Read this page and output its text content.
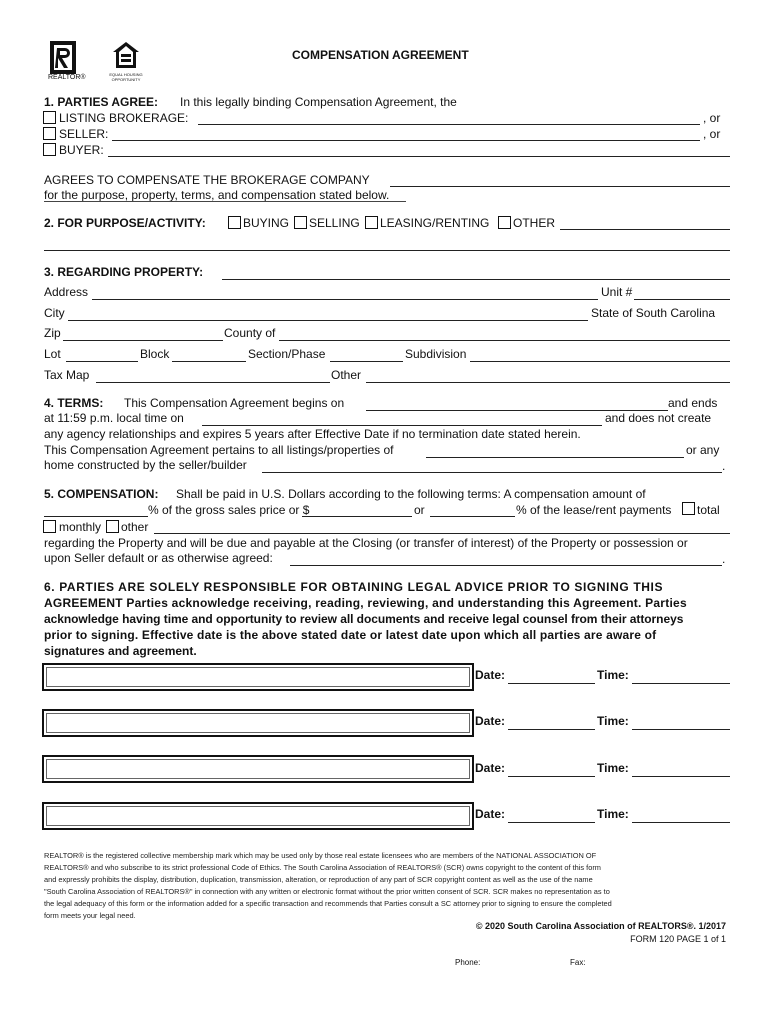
REALTOR®	EQUAL HOUSING OPPORTUNITY
COMPENSATION AGREEMENT
1. PARTIES AGREE: In this legally binding Compensation Agreement, the
LISTING BROKERAGE:	, or
SELLER:	, or
BUYER:
AGREES TO COMPENSATE THE BROKERAGE COMPANY
for the purpose, property, terms, and compensation stated below.
2. FOR PURPOSE/ACTIVITY:	BUYING SELLING LEASING/RENTING OTHER
3. REGARDING PROPERTY:
Address	Unit #
City	State of South Carolina
Zip	County of
Lot	Block	Section/Phase	Subdivision
Tax Map	Other
4. TERMS: This Compensation Agreement begins on	and ends
at 11:59 p.m. local time on	and does not create
any agency relationships and expires 5 years after Effective Date if no termination date stated herein.
This Compensation Agreement pertains to all listings/properties of	or any
home constructed by the seller/builder	.
5. COMPENSATION: Shall be paid in U.S. Dollars according to the following terms: A compensation amount of
% of the gross sales price or $	or	% of the lease/rent payments total
monthly other
regarding the Property and will be due and payable at the Closing (or transfer of interest) of the Property or possession or
upon Seller default or as otherwise agreed:	.
6. PARTIES ARE SOLELY RESPONSIBLE FOR OBTAINING LEGAL ADVICE PRIOR TO SIGNING THIS
AGREEMENT Parties acknowledge receiving, reading, reviewing, and understanding this Agreement. Parties
acknowledge having time and opportunity to review all documents and receive legal counsel from their attorneys
prior to signing. Effective date is the above stated date or latest date upon which all parties are aware of
signatures and agreement.
Date:	Time:
Date:	Time:
Date:	Time:
Date:	Time:
REALTOR® is the registered collective membership mark which may be used only by those real estate licensees who are members of the NATIONAL ASSOCIATION OF
REALTORS® and who subscribe to its strict professional Code of Ethics. The South Carolina Association of REALTORS® (SCR) owns copyright to the content of this form
and expressly prohibits the display, distribution, duplication, transmission, alteration, or reproduction of any part of SCR copyright content as well as the use of the name
"South Carolina Association of REALTORS®" in connection with any written or electronic format without the prior written consent of SCR. SCR makes no representation as to
the legal adequacy of this form or the information added for a specific transaction and recommends that Parties consult a SC attorney prior to signing to ensure the completed
form meets your legal need.
© 2020 South Carolina Association of REALTORS®. 1/2017
FORM 120 PAGE 1 of 1
Phone:	Fax:
